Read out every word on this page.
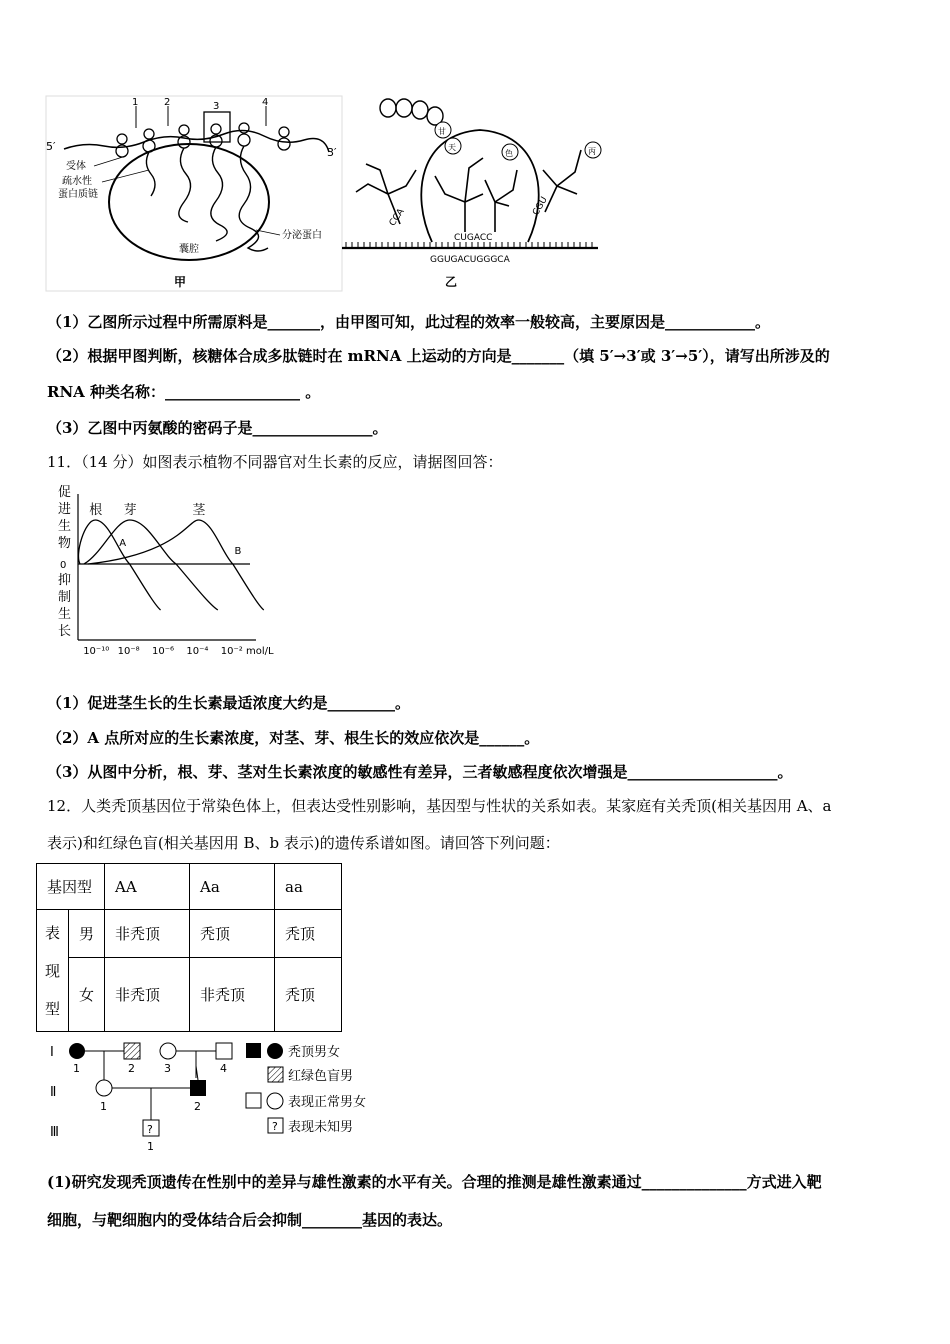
5′	3′
1	2	3	4
受体
疏水性
蛋白质链
分泌蛋白
囊腔
甲
CCA
CGU
甘
天
色	丙
CUGACC
GGUGACUGGGCA
乙
（1）乙图所示过程中所需原料是_______，由甲图可知，此过程的效率一般较高，主要原因是____________。
（2）根据甲图判断，核糖体合成多肽链时在 mRNA 上运动的方向是_______（填 5′→3′或 3′→5′），请写出所涉及的
RNA 种类名称：__________________ 。
（3）乙图中丙氨酸的密码子是________________。
11．（14 分）如图表示植物不同器官对生长素的反应，请据图回答：
促
进
生
物
0
抑
制
生
长
10⁻¹⁰ 10⁻⁸ 10⁻⁶ 10⁻⁴ 10⁻² mol/L
根 芽	茎
A
B
（1）促进茎生长的生长素最适浓度大约是_________。
（2）A 点所对应的生长素浓度，对茎、芽、根生长的效应依次是______。
（3）从图中分析，根、芽、茎对生长素浓度的敏感性有差异，三者敏感程度依次增强是____________________。
12．人类秃顶基因位于常染色体上，但表达受性别影响，基因型与性状的关系如表。某家庭有关秃顶(相关基因用 A、a
表示)和红绿色盲(相关基因用 B、b 表示)的遗传系谱如图。请回答下列问题：
基因型		AA	Aa	aa

表
现
型	男	非秃顶	秃顶	秃顶
	女	非秃顶	非秃顶	秃顶
Ⅰ
Ⅱ
Ⅲ
1	2	3	4
1	2
?
1
秃顶男女
红绿色盲男
表现正常男女
? 表现未知男
(1)研究发现秃顶遗传在性别中的差异与雄性激素的水平有关。合理的推测是雄性激素通过______________方式进入靶
细胞，与靶细胞内的受体结合后会抑制________基因的表达。
